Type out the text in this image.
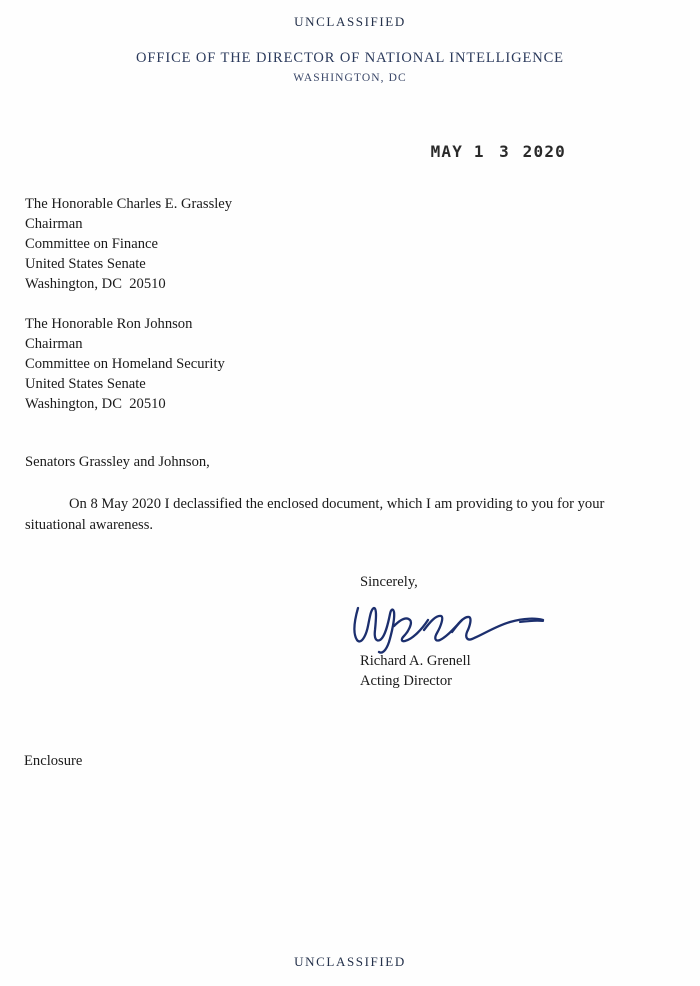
UNCLASSIFIED
OFFICE OF THE DIRECTOR OF NATIONAL INTELLIGENCE
WASHINGTON, DC
MAY 1 3 2020
The Honorable Charles E. Grassley
Chairman
Committee on Finance
United States Senate
Washington, DC  20510
The Honorable Ron Johnson
Chairman
Committee on Homeland Security
United States Senate
Washington, DC  20510
Senators Grassley and Johnson,
On 8 May 2020 I declassified the enclosed document, which I am providing to you for your situational awareness.
Sincerely,
Richard A. Grenell
Acting Director
Enclosure
UNCLASSIFIED
